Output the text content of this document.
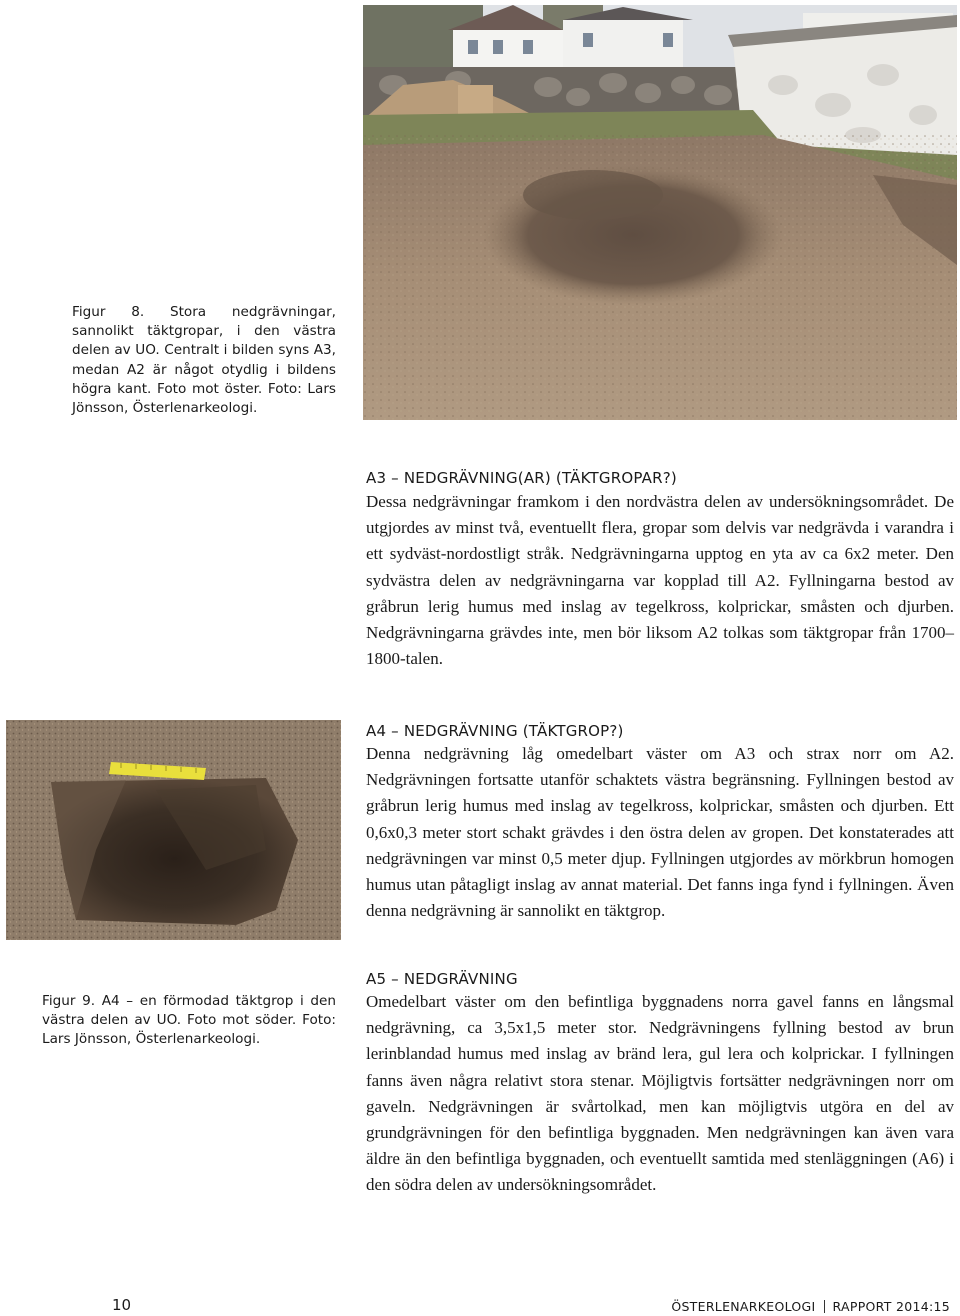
Figur 8. Stora nedgrävningar, sannolikt täktgropar, i den västra delen av UO. Centralt i bilden syns A3, medan A2 är något otydlig i bildens högra kant. Foto mot öster. Foto: Lars Jönsson, Österlenarkeologi.
A3 – NEDGRÄVNING(AR) (TÄKTGROPAR?)

Dessa nedgrävningar framkom i den nordvästra delen av undersökningsområdet. De utgjordes av minst två, eventuellt flera, gropar som delvis var nedgrävda i varandra i ett sydväst-nordostligt stråk. Nedgrävningarna upptog en yta av ca 6x2 meter. Den sydvästra delen av nedgrävningarna var kopplad till A2. Fyllningarna bestod av gråbrun lerig humus med inslag av tegelkross, kolprickar, småsten och djurben. Nedgrävningarna grävdes inte, men bör liksom A2 tolkas som täktgropar från 1700–1800-talen.

A4 – NEDGRÄVNING (TÄKTGROP?)

Denna nedgrävning låg omedelbart väster om A3 och strax norr om A2. Nedgrävningen fortsatte utanför schaktets västra begränsning. Fyllningen bestod av gråbrun lerig humus med inslag av tegelkross, kolprickar, småsten och djurben. Ett 0,6x0,3 meter stort schakt grävdes i den östra delen av gropen. Det konstaterades att nedgrävningen var minst 0,5 meter djup. Fyllningen utgjordes av mörkbrun homogen humus utan påtagligt inslag av annat material. Det fanns inga fynd i fyllningen. Även denna nedgrävning är sannolikt en täktgrop.

Figur 9. A4 – en förmodad täktgrop i den västra delen av UO. Foto mot söder. Foto: Lars Jönsson, Österlenarkeologi.
A5 – NEDGRÄVNING

Omedelbart väster om den befintliga byggnadens norra gavel fanns en långsmal nedgrävning, ca 3,5x1,5 meter stor. Nedgrävningens fyllning bestod av brun lerinblandad humus med inslag av bränd lera, gul lera och kolprickar. I fyllningen fanns även några relativt stora stenar. Möjligtvis fortsätter nedgrävningen norr om gaveln. Nedgrävningen är svårtolkad, men kan möjligtvis utgöra en del av grundgrävningen för den befintliga byggnaden. Men nedgrävningen kan även vara äldre än den befintliga byggnaden, och eventuellt samtida med stenläggningen (A6) i den södra delen av undersökningsområdet.

10	ÖSTERLENARKEOLOGI RAPPORT 2014:15
